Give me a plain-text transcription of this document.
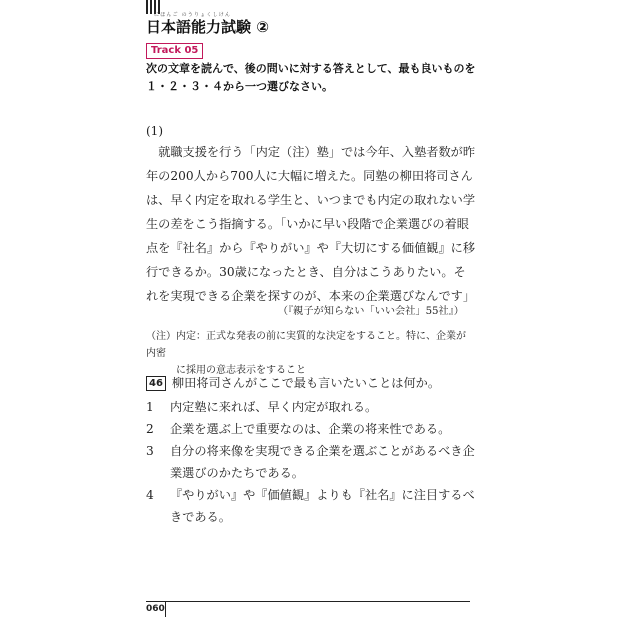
にほんご のうりょくしけん
日本語能力試験 ②
Track 05
次の文章を読んで、後の問いに対する答えとして、最も良いものを１・２・３・４から一つ選びなさい。
(1)

就職支援を行う「内定（注）塾」では今年、入塾者数が昨年の200人から700人に大幅に増えた。同塾の柳田将司さんは、早く内定を取れる学生と、いつまでも内定の取れない学生の差をこう指摘する。「いかに早い段階で企業選びの着眼点を『社名』から『やりがい』や『大切にする価値観』に移行できるか。30歳になったとき、自分はこうありたい。それを実現できる企業を探すのが、本来の企業選びなんです」

（『親子が知らない「いい会社」55社』）
（注）内定：正式な発表の前に実質的な決定をすること。特に、企業が内密
に採用の意志表示をすること
46 柳田将司さんがここで最も言いたいことは何か。
1	内定塾に来れば、早く内定が取れる。
2	企業を選ぶ上で重要なのは、企業の将来性である。
3	自分の将来像を実現できる企業を選ぶことがあるべき企業選びのかたちである。
4	『やりがい』や『価値観』よりも『社名』に注目するべきである。
060
